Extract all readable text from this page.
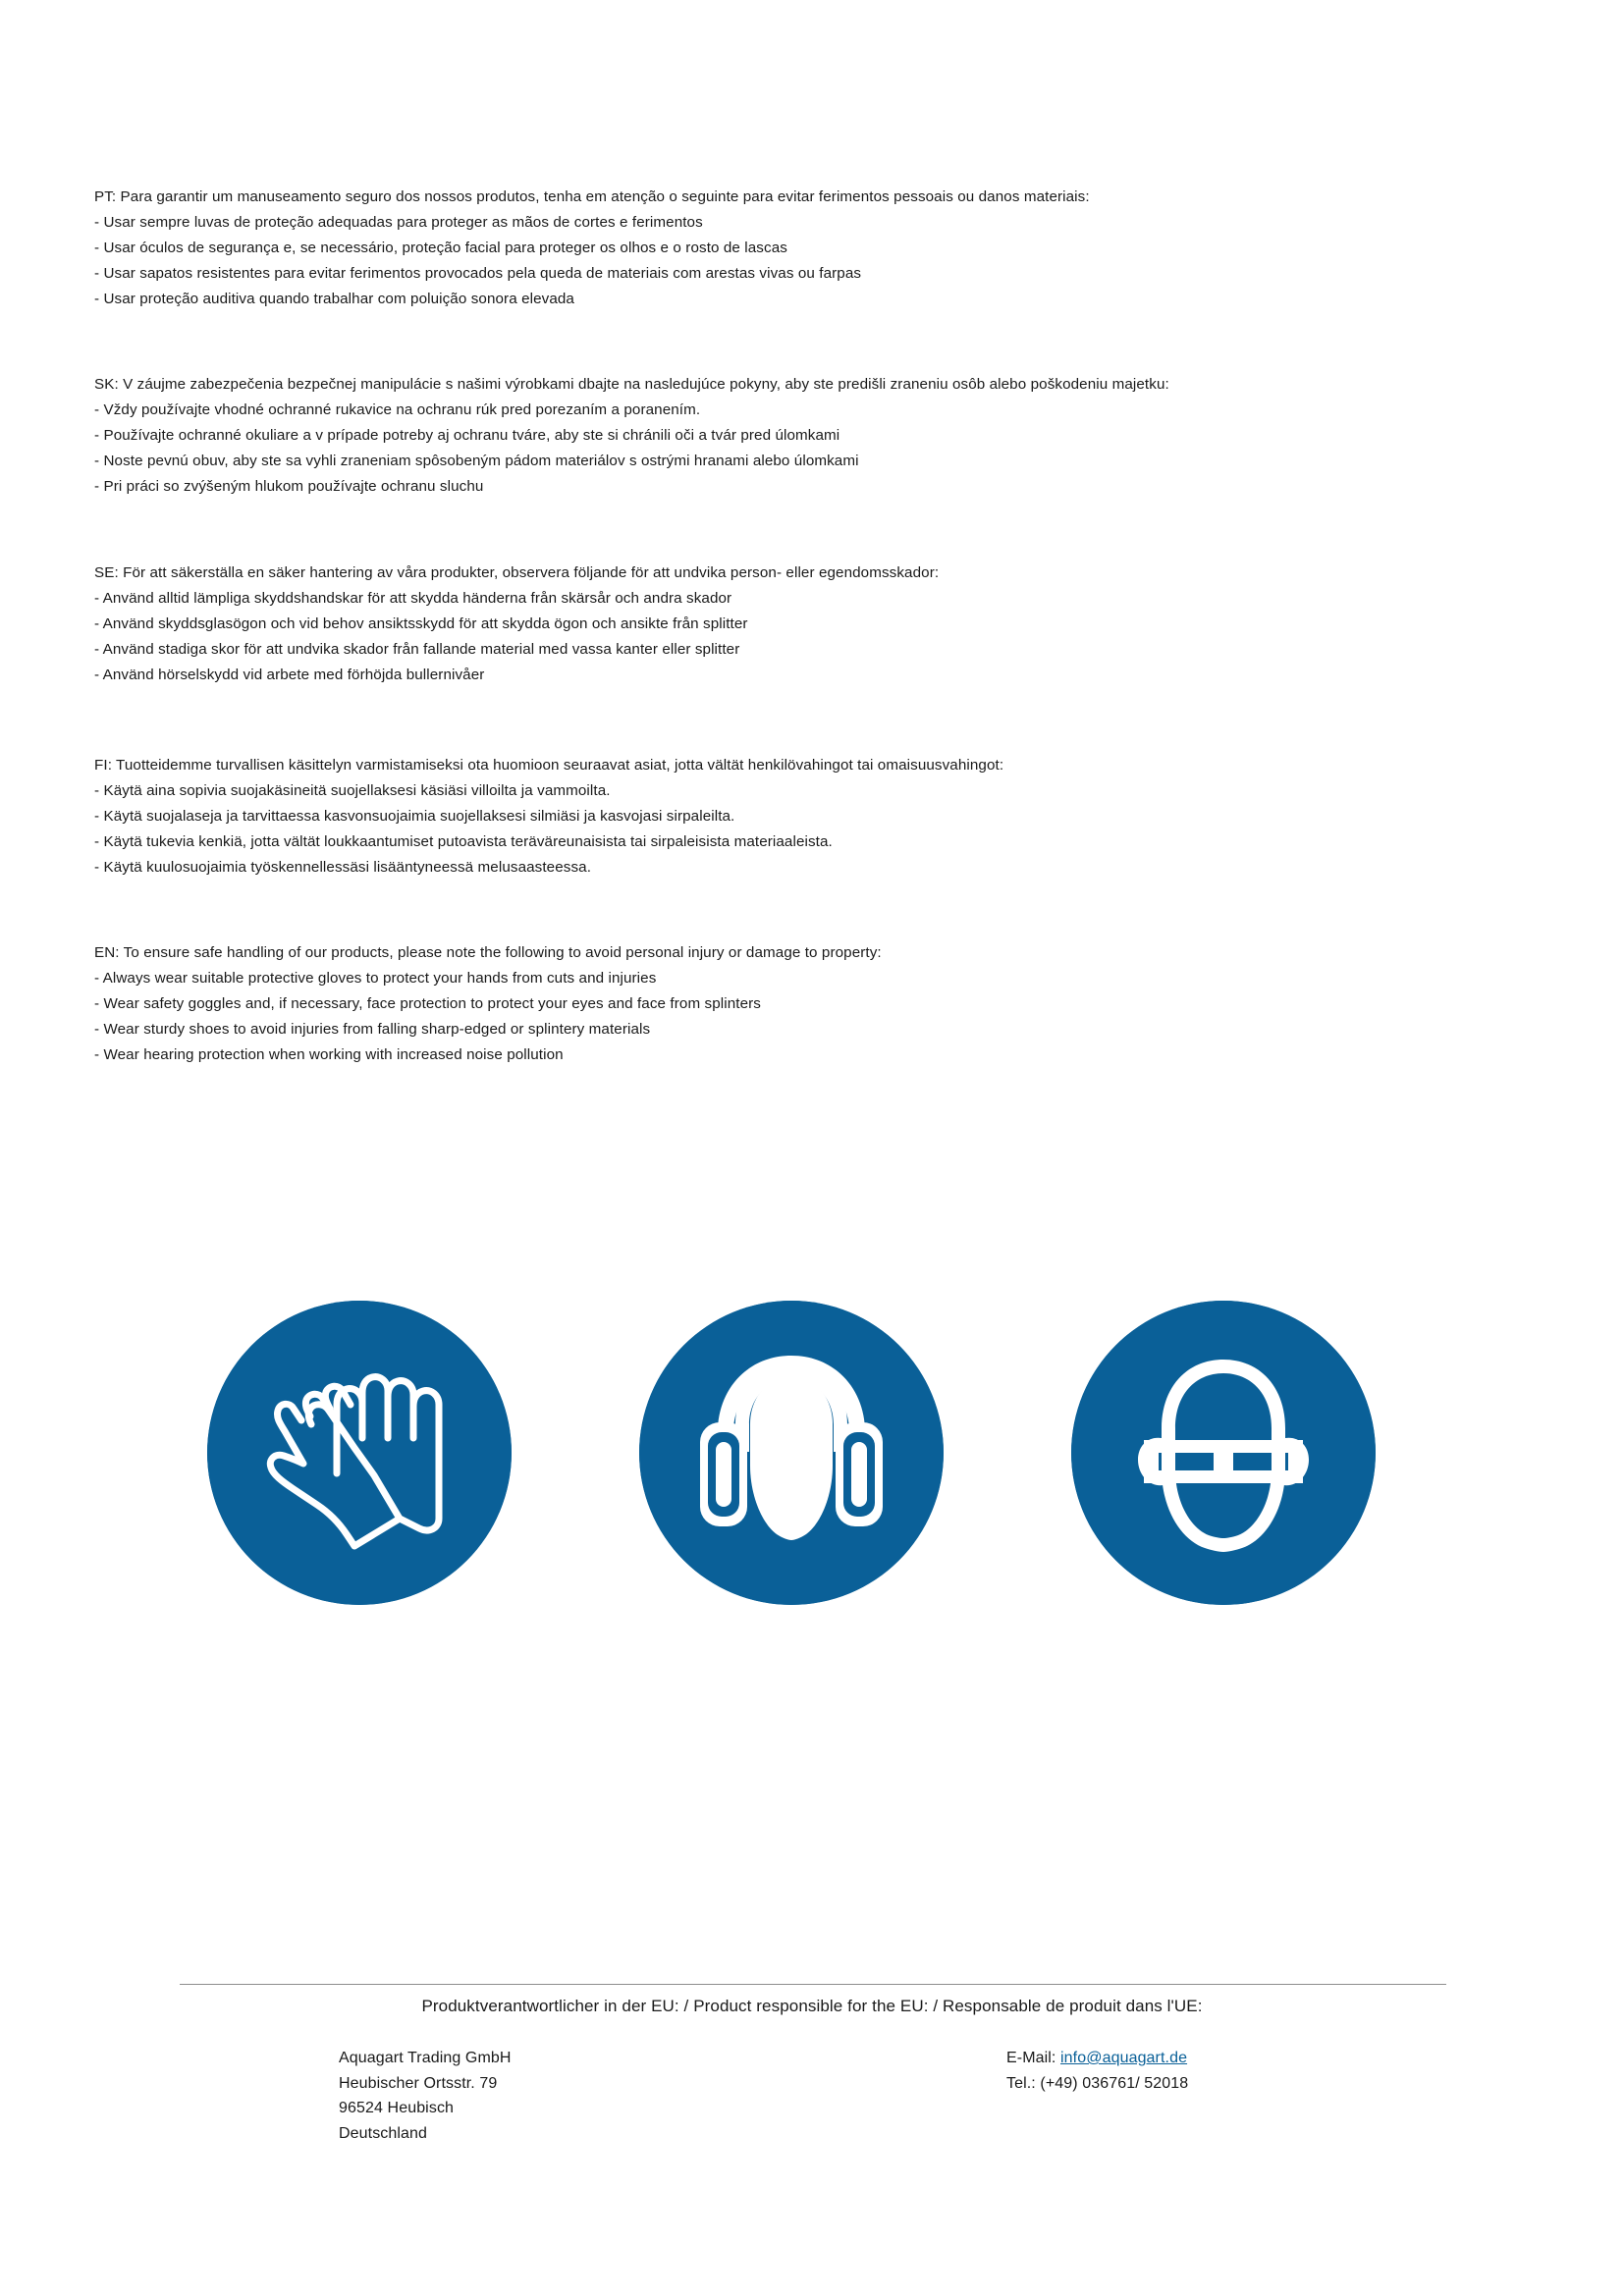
PT: Para garantir um manuseamento seguro dos nossos produtos, tenha em atenção o seguinte para evitar ferimentos pessoais ou danos materiais:
- Usar sempre luvas de proteção adequadas para proteger as mãos de cortes e ferimentos
- Usar óculos de segurança e, se necessário, proteção facial para proteger os olhos e o rosto de lascas
- Usar sapatos resistentes para evitar ferimentos provocados pela queda de materiais com arestas vivas ou farpas
- Usar proteção auditiva quando trabalhar com poluição sonora elevada
SK: V záujme zabezpečenia bezpečnej manipulácie s našimi výrobkami dbajte na nasledujúce pokyny, aby ste predišli zraneniu osôb alebo poškodeniu majetku:
- Vždy používajte vhodné ochranné rukavice na ochranu rúk pred porezaním a poranením.
- Používajte ochranné okuliare a v prípade potreby aj ochranu tváre, aby ste si chránili oči a tvár pred úlomkami
- Noste pevnú obuv, aby ste sa vyhli zraneniam spôsobeným pádom materiálov s ostrými hranami alebo úlomkami
- Pri práci so zvýšeným hlukom používajte ochranu sluchu
SE: För att säkerställa en säker hantering av våra produkter, observera följande för att undvika person- eller egendomsskador:
- Använd alltid lämpliga skyddshandskar för att skydda händerna från skärsår och andra skador
- Använd skyddsglasögon och vid behov ansiktsskydd för att skydda ögon och ansikte från splitter
- Använd stadiga skor för att undvika skador från fallande material med vassa kanter eller splitter
- Använd hörselskydd vid arbete med förhöjda bullernivåer
FI: Tuotteidemme turvallisen käsittelyn varmistamiseksi ota huomioon seuraavat asiat, jotta vältät henkilövahingot tai omaisuusvahingot:
- Käytä aina sopivia suojakäsineitä suojellaksesi käsiäsi villoilta ja vammoilta.
- Käytä suojalaseja ja tarvittaessa kasvonsuojaimia suojellaksesi silmiäsi ja kasvojasi sirpaleilta.
- Käytä tukevia kenkiä, jotta vältät loukkaantumiset putoavista teräväreunaisista tai sirpaleisista materiaaleista.
- Käytä kuulosuojaimia työskennellessäsi lisääntyneessä melusaasteessa.
EN: To ensure safe handling of our products, please note the following to avoid personal injury or damage to property:
- Always wear suitable protective gloves to protect your hands from cuts and injuries
- Wear safety goggles and, if necessary, face protection to protect your eyes and face from splinters
- Wear sturdy shoes to avoid injuries from falling sharp-edged or splintery materials
- Wear hearing protection when working with increased noise pollution
Produktverantwortlicher in der EU: / Product responsible for the EU: / Responsable de produit dans l'UE:
Aquagart Trading GmbH
Heubischer Ortsstr. 79
96524 Heubisch
Deutschland
E-Mail: info@aquagart.de
Tel.: (+49) 036761/ 52018
